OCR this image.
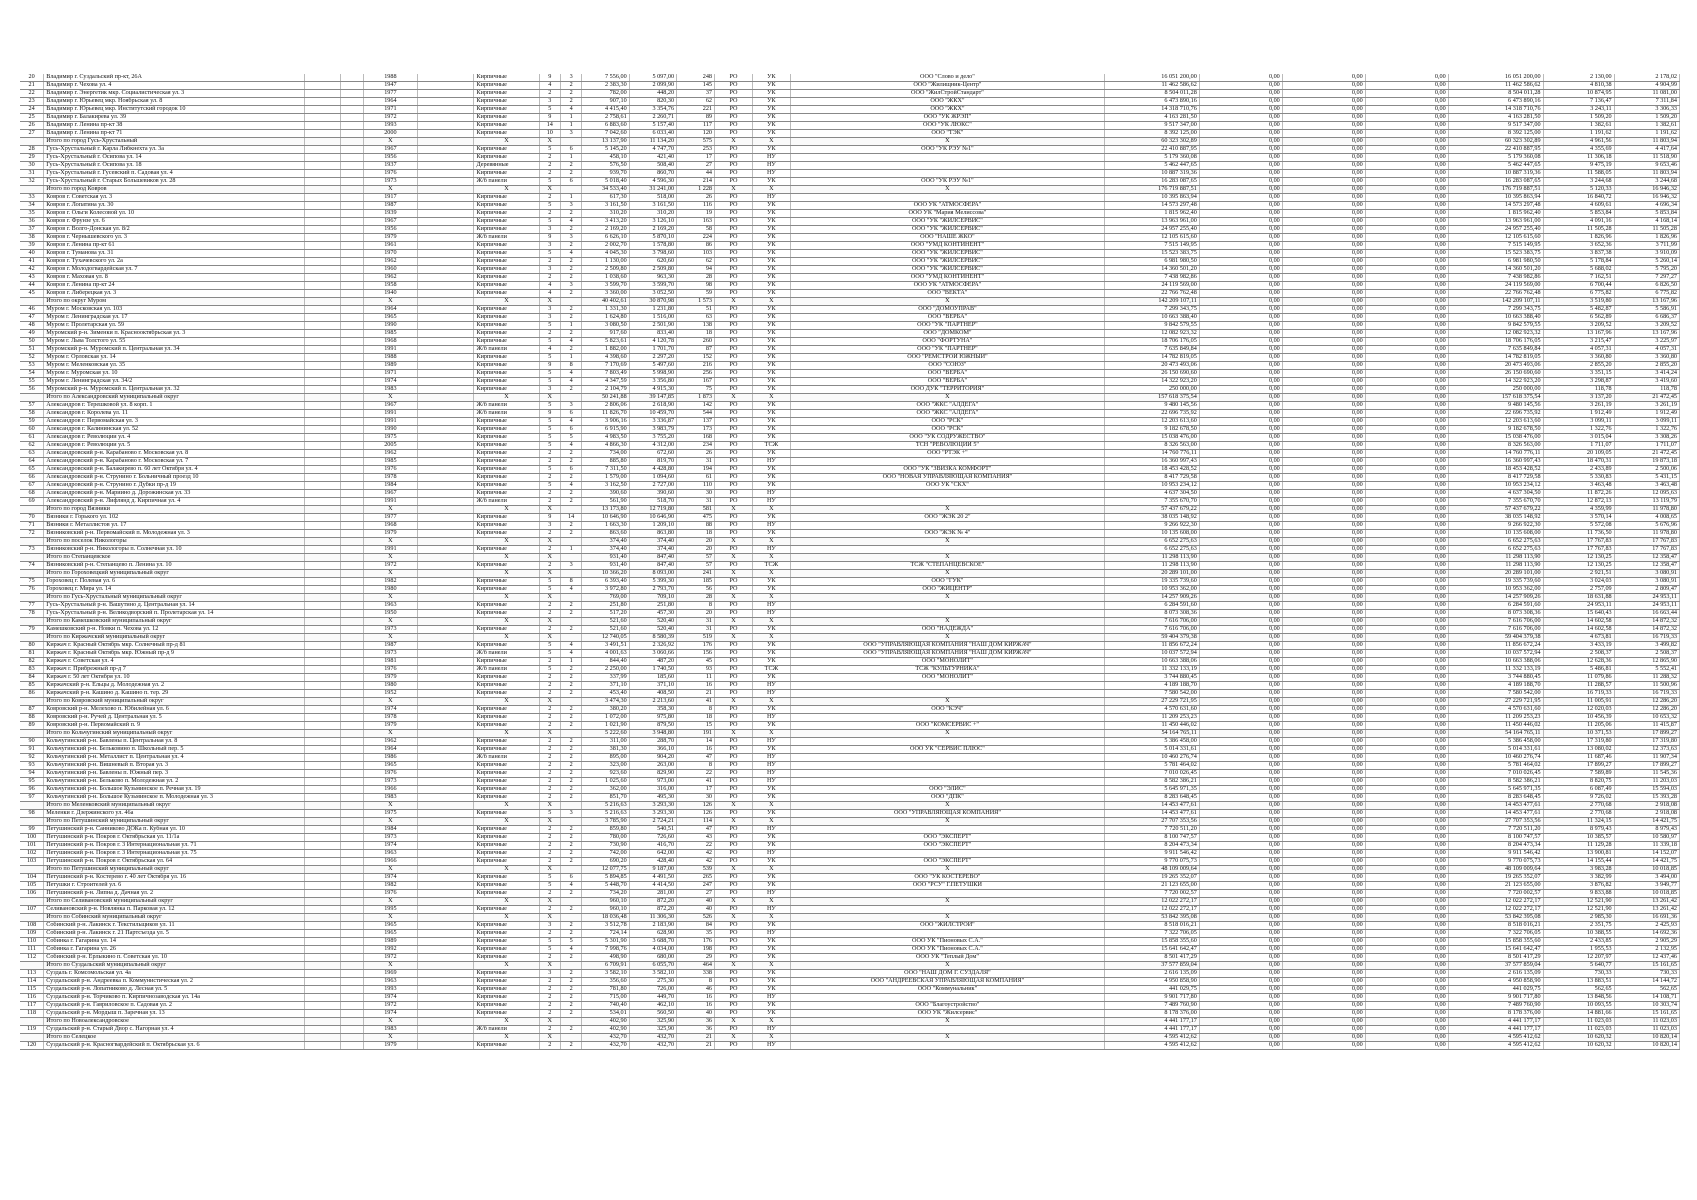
20	Владимир г. Суздальский пр-кт, 26А			1988		Кирпичные	9	3	7 556,00	5 097,00	248	РО	УК	ООО "Слово и дело"	16 051 200,00	0,00	0,00	0,00	16 051 200,00	2 130,00	2 178,02
21	Владимир г. Чехова ул. 4			1947		Кирпичные	4	2	2 383,30	2 099,90	145	РО	УК	ООО "Жилищник-Центр"	11 462 586,62	0,00	0,00	0,00	11 462 586,62	4 810,38	4 904,99
22	Владимир г. Энергетик мкр. Социалистическая ул. 3			1977		Кирпичные	2	2	782,00	448,20	37	РО	УК	ООО "ЖилСтройСтандарт"	8 504 011,28	0,00	0,00	0,00	8 504 011,28	10 874,95	11 081,00
23	Владимир г. Юрьевец мкр. Ноябрьская ул. 8			1964		Кирпичные	3	2	907,10	820,30	62	РО	УК	ООО "ЖКХ"	6 473 890,16	0,00	0,00	0,00	6 473 890,16	7 136,47	7 311,84
24	Владимир г. Юрьевец мкр. Институтский городок 10			1971		Кирпичные	5	4	4 415,40	3 354,76	221	РО	УК	ООО "ЖКХ"	14 318 710,76	0,00	0,00	0,00	14 318 710,76	3 243,11	3 306,33
25	Владимир г. Балакирева ул. 39			1972		Кирпичные	9	1	2 758,61	2 260,71	89	РО	УК	ООО "УК ЖРЭП"	4 163 281,50	0,00	0,00	0,00	4 163 281,50	1 509,20	1 509,20
26	Владимир г. Ленина пр-кт 38			1993		Кирпичные	14	1	6 883,60	5 157,40	117	РО	УК	ООО "УК ЛЮКС"	9 517 347,00	0,00	0,00	0,00	9 517 347,00	1 382,61	1 382,61
27	Владимир г. Ленина пр-кт 71			2000		Кирпичные	10	3	7 042,60	6 033,40	120	РО	УК	ООО "ТЭК"	8 392 125,00	0,00	0,00	0,00	8 392 125,00	1 191,62	1 191,62
	Итого по город Гусь-Хрустальный			X		X	X		13 137,90	11 134,20	575	X	X	X	60 323 302,89	0,00	0,00	0,00	60 323 302,89	4 961,56	11 803,94
28	Гусь-Хрустальный г. Карла Либкнехта ул. 3а			1967		Кирпичные	5	6	5 145,20	4 747,70	253	РО	УК	ООО "УК РЭУ №1"	22 410 887,95	0,00	0,00	0,00	22 410 887,95	4 355,69	4 417,64
29	Гусь-Хрустальный г. Осипова ул. 14			1956		Кирпичные	2	1	458,10	421,40	17	РО	НУ		5 179 360,08	0,00	0,00	0,00	5 179 360,08	11 306,18	11 518,90
30	Гусь-Хрустальный г. Осипова ул. 18			1937		Деревянные	2	2	576,50	508,40	27	РО	НУ		5 462 447,65	0,00	0,00	0,00	5 462 447,65	9 475,19	9 653,46
31	Гусь-Хрустальный г. Гусевский п. Садовая ул. 4			1976		Кирпичные	2	2	939,70	860,70	44	РО	НУ		10 887 319,36	0,00	0,00	0,00	10 887 319,36	11 588,05	11 803,94
32	Гусь-Хрустальный г. Старых Большевиков ул. 28			1973		Ж/б панели	5	6	5 018,40	4 596,30	214	РО	УК	ООО "УК РЭУ №1"	16 283 087,65	0,00	0,00	0,00	16 283 087,65	3 244,68	3 244,68
	Итого по город Ковров			X		X	X		34 533,40	31 241,00	1 228	X	X	X	176 719 887,51	0,00	0,00	0,00	176 719 887,51	5 120,33	16 946,32
33	Ковров г. Советская ул. 3			1917		Кирпичные	2	1	617,30	518,00	26	РО	НУ		10 395 863,94	0,00	0,00	0,00	10 395 863,94	16 840,72	16 946,32
34	Ковров г. Лопатина ул. 30			1987		Кирпичные	5	3	3 161,50	3 161,50	116	РО	УК	ООО УК "АТМОСФЕРА"	14 573 297,48	0,00	0,00	0,00	14 573 297,48	4 609,61	4 696,34
35	Ковров г. Ольги Колесовой ул. 10			1939		Кирпичные	2	2	310,20	310,20	19	РО	УК	ООО УК "Мария Мелиссова"	1 815 962,40	0,00	0,00	0,00	1 815 962,40	5 853,84	5 853,84
36	Ковров г. Фрунзе ул. 6			1967		Кирпичные	5	4	3 413,20	3 126,10	163	РО	УК	ООО "УК "ЖИЛСЕРВИС"	13 963 961,00	0,00	0,00	0,00	13 963 961,00	4 091,16	4 168,14
37	Ковров г. Волго-Донская ул. 8/2			1956		Кирпичные	3	2	2 169,20	2 169,20	58	РО	УК	ООО "УК "ЖИЛСЕРВИС"	24 957 255,40	0,00	0,00	0,00	24 957 255,40	11 505,28	11 505,28
38	Ковров г. Чернышевского ул. 3			1979		Ж/б панели	9	3	6 626,10	5 870,10	224	РО	УК	ООО "НАШЕ ЖКО"	12 105 615,60	0,00	0,00	0,00	12 105 615,60	1 826,96	1 826,96
39	Ковров г. Ленина пр-кт 61			1961		Кирпичные	3	2	2 002,70	1 578,80	86	РО	УК	ООО "УМД КОНТИНЕНТ"	7 515 149,95	0,00	0,00	0,00	7 515 149,95	3 652,36	3 711,99
40	Ковров г. Туманова ул. 31			1970		Кирпичные	5	4	4 045,30	3 798,60	103	РО	УК	ООО "УК "ЖИЛСЕРВИС"	15 523 383,75	0,00	0,00	0,00	15 523 383,75	3 837,38	3 910,09
41	Ковров г. Тухачевского ул. 2а			1962		Кирпичные	2	2	1 130,00	620,60	62	РО	УК	ООО "УК "ЖИЛСЕРВИС"	6 981 980,50	0,00	0,00	0,00	6 981 980,50	5 178,84	5 260,14
42	Ковров г. Молодогвардейская ул. 7			1960		Кирпичные	3	2	2 509,80	2 509,80	94	РО	УК	ООО "УК "ЖИЛСЕРВИС"	14 360 501,20	0,00	0,00	0,00	14 360 501,20	5 688,02	5 795,20
43	Ковров г. Маховая ул. 8			1962		Кирпичные	2	2	1 038,60	963,30	28	РО	УК	ООО "УМД КОНТИНЕНТ"	7 438 982,86	0,00	0,00	0,00	7 438 982,86	7 162,51	7 297,27
44	Ковров г. Ленина пр-кт 24			1958		Кирпичные	4	3	3 599,70	3 599,70	98	РО	УК	ООО УК "АТМОСФЕРА"	24 119 569,00	0,00	0,00	0,00	24 119 569,00	6 700,44	6 826,50
45	Ковров г. Либерецкая ул. 3			1940		Кирпичные	4	2	3 360,00	3 052,50	59	РО	УК	ООО "ВЕКТА"	22 766 762,48	0,00	0,00	0,00	22 766 762,48	6 775,82	6 775,82
	Итого по округ Муром			X		X	X		40 402,61	30 870,98	1 573	X	X	X	142 209 107,11	0,00	0,00	0,00	142 209 107,11	3 519,80	13 167,96
46	Муром г. Московская ул. 103			1964		Кирпичные	3	2	1 331,30	1 231,80	51	РО	УК	ООО "ДОМОУПРАВ"	7 299 343,75	0,00	0,00	0,00	7 299 343,75	5 482,87	5 586,91
47	Муром г. Ленинградская ул. 17			1965		Кирпичные	3	2	1 624,80	1 516,00	63	РО	УК	ООО "ВЕРБА"	10 663 388,40	0,00	0,00	0,00	10 663 388,40	6 562,89	6 686,37
48	Муром г. Пролетарская ул. 59			1990		Кирпичные	5	1	3 080,50	2 501,90	138	РО	УК	ООО "УК "ПАРТНЕР"	9 842 579,55	0,00	0,00	0,00	9 842 579,55	3 209,52	3 209,52
49	Муромский р-н. Зименки п. Краснооктябрьская ул. 3			1985		Кирпичные	2	2	917,60	833,40	18	РО	УК	ООО "ДОМКОМ"	12 082 923,32	0,00	0,00	0,00	12 082 923,32	13 167,96	13 167,96
50	Муром г. Льва Толстого ул. 55			1968		Кирпичные	5	4	5 823,61	4 120,78	260	РО	УК	ООО "ФОРТУНА"	18 706 176,05	0,00	0,00	0,00	18 706 176,05	3 215,47	3 225,97
51	Муромский р-н. Муромский п. Центральная ул. 34			1991		Ж/б панели	4	2	1 882,00	1 701,70	87	РО	УК	ООО "УК "ПАРТНЕР"	7 635 849,84	0,00	0,00	0,00	7 635 849,84	4 057,31	4 057,31
52	Муром г. Орловская ул. 14			1988		Кирпичные	5	1	4 398,60	2 297,20	152	РО	УК	ООО "РЕМСТРОЙ ЮЖНЫЙ"	14 782 819,05	0,00	0,00	0,00	14 782 819,05	3 360,80	3 360,80
53	Муром г. Меленковская ул. 35			1989		Кирпичные	9	8	7 170,69	5 497,60	216	РО	УК	ООО "СОЮЗ"	20 473 493,06	0,00	0,00	0,00	20 473 493,06	2 855,20	2 855,20
54	Муром г. Муромская ул. 10			1971		Кирпичные	5	4	7 803,49	5 998,90	256	РО	УК	ООО "ВЕРБА"	26 150 690,60	0,00	0,00	0,00	26 150 690,60	3 351,15	3 414,24
55	Муром г. Ленинградская ул. 34/2			1974		Кирпичные	5	4	4 347,59	3 356,80	167	РО	УК	ООО "ВЕРБА"	14 322 923,20	0,00	0,00	0,00	14 322 923,20	3 298,87	3 419,60
56	Муромский р-н. Муромский п. Центральная ул. 32			1983		Кирпичные	3	2	2 104,79	4 915,30	75	РО	УК	ООО ДУК "ТЕРРИТОРИЯ"	250 000,00	0,00	0,00	0,00	250 000,00	118,78	118,78
	Итого по Александровский муниципальный округ			X		X	X		50 241,88	39 147,85	1 873	X	X	X	157 618 375,54	0,00	0,00	0,00	157 618 375,54	3 137,20	21 472,45
57	Александров г. Терешковой ул. 8 корп. 1			1967		Ж/б панели	5	3	2 806,06	2 618,90	142	РО	УК	ООО "ЖКС "АЛДЕГА"	9 480 145,56	0,00	0,00	0,00	9 480 145,56	3 261,19	3 261,19
58	Александров г. Королева ул. 11			1991		Ж/б панели	9	6	11 826,70	10 459,70	544	РО	УК	ООО "ЖКС "АЛДЕГА"	22 696 735,92	0,00	0,00	0,00	22 696 735,92	1 912,49	1 912,49
59	Александров г. Первомайская ул. 3			1991		Кирпичные	5	4	3 906,16	3 336,87	137	РО	УК	ООО "РСК"	12 203 613,60	0,00	0,00	0,00	12 203 613,60	3 099,11	3 099,11
60	Александров г. Калининская ул. 52			1990		Кирпичные	5	6	6 915,90	3 983,79	173	РО	УК	ООО "РСК"	9 182 678,50	0,00	0,00	0,00	9 182 678,50	1 322,76	1 322,76
61	Александров г. Революции ул. 4			1975		Кирпичные	5	5	4 983,50	3 755,20	168	РО	УК	ООО "УК СОДРУЖЕСТВО"	15 038 476,00	0,00	0,00	0,00	15 038 476,00	3 015,04	3 308,26
62	Александров г. Революции ул. 5			2005		Кирпичные	5	4	4 866,30	4 312,00	234	РО	ТСЖ	ТСН "РЕВОЛЮЦИИ 5"	8 326 563,00	0,00	0,00	0,00	8 326 563,00	1 711,07	1 711,07
63	Александровский р-н. Карабаново г. Московская ул. 8			1962		Кирпичные	2	2	734,00	672,60	26	РО	УК	ООО "РТЭК +"	14 760 776,11	0,00	0,00	0,00	14 760 776,11	20 109,05	21 472,45
64	Александровский р-н. Карабаново г. Московская ул. 7			1985		Кирпичные	2	2	885,80	819,70	31	РО	НУ		16 360 997,43	0,00	0,00	0,00	16 360 997,43	18 470,31	19 873,18
65	Александровский р-н. Балакирево п. 60 лет Октября ул. 4			1976		Кирпичные	5	6	7 311,50	4 428,80	194	РО	УК	ООО "УК "ЗВИЗКА КОМФОРТ"	18 453 428,52	0,00	0,00	0,00	18 453 428,52	2 433,89	2 500,06
66	Александровский р-н. Струнино г. Больничный проезд 10			1978		Кирпичные	2	2	1 579,00	1 094,60	61	РО	УК	ООО "НОВАЯ УПРАВЛЯЮЩАЯ КОМПАНИЯ"	8 417 729,58	0,00	0,00	0,00	8 417 729,58	5 330,83	5 431,15
67	Александровский р-н. Струнино г. Дубки пр-д 19			1984		Кирпичные	5	4	3 162,50	2 727,00	110	РО	УК	ООО УК "СКХ"	10 953 234,12	0,00	0,00	0,00	10 953 234,12	3 463,48	3 463,48
68	Александровский р-н. Мариино д. Дорожинская ул. 33			1967		Кирпичные	2	2	390,60	390,60	30	РО	НУ		4 637 304,50	0,00	0,00	0,00	4 637 304,50	11 872,26	12 095,63
69	Александровский р-н. Лифлянд д. Кирпичная ул. 4			1991		Ж/б панели	2	2	561,90	518,70	31	РО	НУ		7 355 670,70	0,00	0,00	0,00	7 355 670,70	12 872,13	13 119,79
	Итого по город Вязники			X		X	X		13 173,80	12 719,80	581	X	X	X	57 437 679,22	0,00	0,00	0,00	57 437 679,22	4 359,99	11 978,80
70	Вязники г. Горького ул. 102			1977		Кирпичные	9	14	10 646,90	10 646,90	475	РО	УК	ООО "ЖЭК 20 2"	38 035 148,92	0,00	0,00	0,00	38 035 148,92	3 570,14	4 008,65
71	Вязники г. Металлистов ул. 17			1968		Кирпичные	3	2	1 663,30	1 209,10	88	РО	НУ		9 266 922,30	0,00	0,00	0,00	9 266 922,30	5 572,08	5 676,96
72	Вязниковский р-н. Первомайский п. Молодежная ул. 3			1979		Кирпичные	2	2	863,60	863,80	18	РО	УК	ООО "ЖЭК № 4"	10 135 608,00	0,00	0,00	0,00	10 135 608,00	11 736,50	11 978,80
	Итого по поселок Никологоры			X		X	X		374,40	374,40	20	X	X	X	6 652 275,63	0,00	0,00	0,00	6 652 275,63	17 767,83	17 767,83
73	Вязниковский р-н. Никологоры п. Солнечная ул. 10			1991		Кирпичные	2	1	374,40	374,40	20	РО	НУ		6 652 275,63	0,00	0,00	0,00	6 652 275,63	17 767,83	17 767,83
	Итого по Степанцевское			X		X	X		931,40	847,40	57	X	X	X	11 298 113,90	0,00	0,00	0,00	11 298 113,90	12 130,25	12 358,47
74	Вязниковский р-н. Степанцево п. Ленина ул. 10			1972		Кирпичные	2	3	931,40	847,40	57	РО	ТСЖ	ТСЖ "СТЕПАНЦЕВСКОЕ"	11 298 113,90	0,00	0,00	0,00	11 298 113,90	12 130,25	12 358,47
	Итого по Гороховецкий муниципальный округ			X		X	X		10 366,20	8 093,00	241	X	X	X	20 289 101,00	0,00	0,00	0,00	20 289 101,00	2 921,51	3 080,91
75	Гороховец г. Полевая ул. 6			1982		Кирпичные	5	8	6 393,40	5 399,30	185	РО	УК	ООО "ГУК"	19 335 739,60	0,00	0,00	0,00	19 335 739,60	3 024,03	3 080,91
76	Гороховец г. Мира ул. 14			1980		Кирпичные	5	4	3 972,80	2 793,70	56	РО	УК	ООО "ЖИЦЕНТР"	10 953 362,00	0,00	0,00	0,00	10 953 362,00	2 757,09	2 809,47
	Итого по Гусь-Хрустальный муниципальный округ			X		X	X		769,00	709,10	28	X	X	X	14 257 909,26	0,00	0,00	0,00	14 257 909,26	18 631,88	24 953,11
77	Гусь-Хрустальный р-н. Вашутино д. Центральная ул. 14			1963		Кирпичные	2	2	251,80	251,80	8	РО	НУ		6 284 591,60	0,00	0,00	0,00	6 284 591,60	24 953,11	24 953,11
78	Гусь-Хрустальный р-н. Великодворский п. Пролетарская ул. 14			1950		Кирпичные	2	2	517,20	457,30	20	РО	НУ		8 073 308,36	0,00	0,00	0,00	8 073 308,36	15 640,43	16 663,44
	Итого по Камешковский муниципальный округ			X		X	X		521,60	520,40	31	X	X	X	7 616 706,00	0,00	0,00	0,00	7 616 706,00	14 602,58	14 872,32
79	Камешковский р-н. Новки п. Чехова ул. 12			1973		Кирпичные	2	2	521,60	520,40	31	РО	УК	ООО "НАДЕЖДА"	7 616 706,00	0,00	0,00	0,00	7 616 706,00	14 602,58	14 872,32
	Итого по Киржачский муниципальный округ			X		X	X		12 740,05	8 580,39	519	X	X	X	59 404 379,38	0,00	0,00	0,00	59 404 379,38	4 673,81	16 719,33
80	Киржач г. Красный Октябрь мкр. Солнечный пр-д 81			1987		Кирпичные	5	4	3 491,51	2 326,92	176	РО	УК	ООО "УПРАВЛЯЮЩАЯ КОМПАНИЯ "НАШ ДОМ КИРЖАЧ"	11 856 672,24	0,00	0,00	0,00	11 856 672,24	3 433,19	3 499,82
81	Киржач г. Красный Октябрь мкр. Южный пр-д 9			1973		Ж/б панели	5	4	4 001,63	3 060,66	156	РО	УК	ООО "УПРАВЛЯЮЩАЯ КОМПАНИЯ "НАШ ДОМ КИРЖАЧ"	10 037 572,94	0,00	0,00	0,00	10 037 572,94	2 508,37	2 508,37
82	Киржач г. Советская ул. 4			1981		Кирпичные	2	1	844,40	487,20	45	РО	УК	ООО "МОНОЛИТ"	10 663 388,06	0,00	0,00	0,00	10 663 388,06	12 628,36	12 865,90
83	Киржач г. Прибрежный пр-д 7			1976		Ж/б панели	5	2	2 250,00	1 740,50	93	РО	ТСЖ	ТСЖ "КУЛЬТУРНИКА"	11 332 133,19	0,00	0,00	0,00	11 332 133,19	5 486,81	5 552,41
84	Киржач г. 50 лет Октября ул. 10			1979		Кирпичные	2	2	337,99	185,60	11	РО	УК	ООО "МОНОЛИТ"	3 744 880,45	0,00	0,00	0,00	3 744 880,45	11 079,86	11 288,32
85	Киржачский р-н. Ельцы д. Молодежная ул. 2			1980		Кирпичные	2	2	371,10	371,10	16	РО	НУ		4 189 188,70	0,00	0,00	0,00	4 189 188,70	11 288,57	11 500,96
86	Киржачский р-н. Кашино д. Кашино п. тер. 29			1952		Кирпичные	2	2	453,40	408,50	21	РО	НУ		7 580 542,00	0,00	0,00	0,00	7 580 542,00	16 719,33	16 719,33
	Итого по Ковровский муниципальный округ			X		X	X		3 474,30	2 213,60	41	X	X	X	27 229 721,95	0,00	0,00	0,00	27 229 721,95	11 005,91	12 286,20
87	Ковровский р-н. Мелехово п. Юбилейная ул. 6			1974		Кирпичные	2	2	380,20	358,30	8	РО	УК	ООО "КЭЧ"	4 570 631,60	0,00	0,00	0,00	4 570 631,60	12 020,03	12 286,20
88	Ковровский р-н. Ручей д. Центральная ул. 5			1978		Кирпичные	2	2	1 072,00	975,80	18	РО	НУ		11 209 253,23	0,00	0,00	0,00	11 209 253,23	10 456,39	10 653,32
89	Ковровский р-н. Первомайский п. 9			1979		Кирпичные	2	2	1 021,90	879,50	15	РО	УК	ООО "КОМСЕРВИС +"	11 450 446,02	0,00	0,00	0,00	11 450 446,02	11 205,06	11 415,87
	Итого по Кольчугинский муниципальный округ			X		X	X		5 222,60	3 948,80	191	X	X	X	54 164 765,11	0,00	0,00	0,00	54 164 765,11	10 371,53	17 899,27
90	Кольчугинский р-н. Бавлены п. Центральная ул. 8			1962		Кирпичные	2	2	311,00	288,70	14	РО	НУ		5 386 458,00	0,00	0,00	0,00	5 386 458,00	17 319,80	17 319,80
91	Кольчугинский р-н. Бельковино п. Школьный пер. 5			1964		Кирпичные	2	2	381,30	366,10	16	РО	УК	ООО УК "СЕРВИС ПЛЮС"	5 014 331,61	0,00	0,00	0,00	5 014 331,61	13 080,02	12 373,63
92	Кольчугинский р-н. Металлист п. Центральная ул. 4			1986		Ж/б панели	2	2	895,00	904,20	47	РО	НУ		10 460 276,74	0,00	0,00	0,00	10 460 276,74	11 687,46	11 907,34
93	Кольчугинский р-н. Вишневый п. Вторая ул. 3			1965		Кирпичные	2	2	323,00	263,00	8	РО	НУ		5 781 464,02	0,00	0,00	0,00	5 781 464,02	17 899,27	17 899,27
94	Кольчугинский р-н. Бавлены п. Южный пер. 3			1976		Кирпичные	2	2	923,60	829,90	22	РО	НУ		7 010 026,45	0,00	0,00	0,00	7 010 026,45	7 589,89	11 545,36
95	Кольчугинский р-н. Бельково п. Молодежная ул. 2			1973		Кирпичные	2	2	1 025,60	973,00	41	РО	НУ		8 582 386,21	0,00	0,00	0,00	8 582 386,21	8 820,75	11 203,03
96	Кольчугинский р-н. Большое Кузьминское п. Речная ул. 19			1966		Кирпичные	2	2	362,00	316,00	17	РО	УК	ООО "ЭЛИС"	5 645 971,35	0,00	0,00	0,00	5 645 971,35	6 087,49	15 594,03
97	Кольчугинский р-н. Большое Кузьминское п. Молодежная ул. 3			1983		Кирпичные	2	2	851,70	495,30	30	РО	УК	ООО "ДПК"	8 283 648,45	0,00	0,00	0,00	8 283 648,45	9 726,02	15 393,28
	Итого по Меленковский муниципальный округ			X		X	X		5 216,63	3 293,30	126	X	X	X	14 453 477,61	0,00	0,00	0,00	14 453 477,61	2 770,68	2 918,08
98	Меленки г. Дзержинского ул. 46а			1975		Кирпичные	5	3	5 216,63	3 293,30	126	РО	УК	ООО "УПРАВЛЯЮЩАЯ КОМПАНИЯ"	14 453 477,61	0,00	0,00	0,00	14 453 477,61	2 770,68	2 918,08
	Итого по Петушинский муниципальный округ			X		X	X		3 785,90	2 724,21	114	X	X	X	27 707 353,56	0,00	0,00	0,00	27 707 353,56	11 324,15	14 421,75
99	Петушинский р-н. Санниково ДОКа п. Кубная ул. 10			1984		Кирпичные	2	2	859,80	540,51	47	РО	НУ		7 720 511,20	0,00	0,00	0,00	7 720 511,20	8 979,43	8 979,43
100	Петушинский р-н. Покров г. Октябрьская ул. 11/1а			1973		Кирпичные	2	2	780,00	726,60	43	РО	УК	ООО "ЭКСПЕРТ"	8 100 747,57	0,00	0,00	0,00	8 100 747,57	10 385,57	10 580,97
101	Петушинский р-н. Покров г. 3 Интернациональная ул. 71			1974		Кирпичные	2	2	730,90	416,70	22	РО	УК	ООО "ЭКСПЕРТ"	8 204 473,34	0,00	0,00	0,00	8 204 473,34	11 129,28	11 339,18
102	Петушинский р-н. Покров г. 3 Интернациональная ул. 75			1963		Кирпичные	2	2	742,00	642,00	42	РО	НУ		9 911 546,42	0,00	0,00	0,00	9 911 546,42	13 900,81	14 152,07
103	Петушинский р-н. Покров г. Октябрьская ул. 64			1966		Кирпичные	2	2	690,20	428,40	42	РО	УК	ООО "ЭКСПЕРТ"	9 770 075,73	0,00	0,00	0,00	9 770 075,73	14 155,44	14 421,75
	Итого по Петушинский муниципальный округ			X		X	X		12 077,75	9 187,00	539	X	X	X	48 109 009,64	0,00	0,00	0,00	48 109 009,64	3 983,28	10 018,85
104	Петушинский р-н. Костерево г. 40 лет Октября ул. 16			1974		Кирпичные	5	6	5 894,85	4 491,50	265	РО	УК	ООО "УК КОСТЕРЕВО"	19 265 352,07	0,00	0,00	0,00	19 265 352,07	3 382,99	3 494,00
105	Петушки г. Строителей ул. 6			1982		Кирпичные	5	4	5 448,70	4 414,50	247	РО	УК	ООО "РСУ" Г.ПЕТУШКИ	21 123 655,00	0,00	0,00	0,00	21 123 655,00	3 876,82	3 949,77
106	Петушинский р-н. Липна д. Дачная ул. 2			1976		Кирпичные	2	2	734,20	281,00	27	РО	НУ		7 720 002,57	0,00	0,00	0,00	7 720 002,57	9 833,88	10 018,85
	Итого по Селивановский муниципальный округ			X		X	X		960,10	872,20	40	X	X	X	12 022 272,17	0,00	0,00	0,00	12 022 272,17	12 521,90	13 261,42
107	Селивановский р-н. Новлянка п. Парковая ул. 12			1995		Кирпичные	2	2	960,10	872,20	40	РО	НУ		12 022 272,17	0,00	0,00	0,00	12 022 272,17	12 521,90	13 261,42
	Итого по Собинский муниципальный округ			X		X	X		18 036,48	11 306,30	526	X	X	X	53 842 395,08	0,00	0,00	0,00	53 842 395,08	2 985,30	16 691,36
108	Собинский р-н. Лакинск г. Текстильщиков ул. 11			1965		Кирпичные	3	2	3 512,78	2 183,90	84	РО	УК	ООО "ЖИЛСТРОЙ"	8 518 016,21	0,00	0,00	0,00	8 518 016,21	2 351,75	2 425,93
109	Собинский р-н. Лакинск г. 21 Партсъезда ул. 5			1965		Кирпичные	2	2	724,14	628,90	35	РО	НУ		7 322 706,05	0,00	0,00	0,00	7 322 706,05	10 388,55	14 692,36
110	Собинка г. Гагарина ул. 14			1989		Кирпичные	5	5	5 301,90	3 688,70	176	РО	УК	ООО УК "Пионовых С.А."	15 858 355,60	0,00	0,00	0,00	15 858 355,60	2 433,85	2 905,29
111	Собинка г. Гагарина ул. 26			1992		Кирпичные	5	4	7 998,76	4 034,00	198	РО	УК	ООО УК "Пионовых С.А."	15 641 642,47	0,00	0,00	0,00	15 641 642,47	1 955,53	2 132,95
112	Собинский р-н. Ерлыкино п. Советская ул. 10			1972		Кирпичные	2	2	498,90	680,00	29	РО	УК	ООО УК "Теплый Дом"	8 501 417,29	0,00	0,00	0,00	8 501 417,29	12 207,97	12 437,46
	Итого по Суздальский муниципальный округ			X		X	X		6 709,91	6 055,70	464	X	X	X	37 577 859,04	0,00	0,00	0,00	37 577 859,04	5 640,77	15 161,65
113	Суздаль г. Комсомольская ул. 4а			1969		Кирпичные	3	2	3 582,10	3 582,10	338	РО	УК	ООО "НАШ ДОМ Г. СУЗДАЛЯ"	2 616 135,09	0,00	0,00	0,00	2 616 135,09	730,33	730,33
114	Суздальский р-н. Андреевка п. Коммунистическая ул. 2			1963		Кирпичные	2	2	356,60	275,30	8	РО	УК	ООО "АНДРЕЕВСКАЯ УПРАВЛЯЮЩАЯ КОМПАНИЯ"	4 950 858,90	0,00	0,00	0,00	4 950 858,90	13 883,51	14 144,72
115	Суздальский р-н. Лопатниково д. Лесная ул. 5			1993		Кирпичные	2	2	781,80	726,00	46	РО	УК	ООО "Коммунальник"	441 029,75	0,00	0,00	0,00	441 029,75	562,65	562,65
116	Суздальский р-н. Торчиково п. Кирпичнозаводская ул. 14а			1974		Кирпичные	2	2	715,00	449,70	16	РО	НУ		9 901 717,80	0,00	0,00	0,00	9 901 717,80	13 848,56	14 108,71
117	Суздальский р-н. Гавриловское п. Садовая ул. 2			1972		Кирпичные	2	2	740,40	462,10	16	РО	УК	ООО "Благоустройство"	7 489 760,90	0,00	0,00	0,00	7 489 760,90	10 093,55	10 303,74
118	Суздальский р-н. Мордыш п. Заречная ул. 13			1974		Кирпичные	2	2	534,01	560,50	40	РО	УК	ООО УК "Жилсервис"	8 178 376,00	0,00	0,00	0,00	8 178 376,00	14 881,66	15 161,65
	Итого по Новоалександровское			X		X	X		402,90	325,90	36	X	X	X	4 441 177,17	0,00	0,00	0,00	4 441 177,17	11 023,03	11 023,03
119	Суздальский р-н. Старый Двор с. Нагорная ул. 4			1983		Ж/б панели	2	2	402,90	325,90	36	РО	НУ		4 441 177,17	0,00	0,00	0,00	4 441 177,17	11 023,03	11 023,03
	Итого по Селецкое			X		X	X		432,70	432,70	21	X	X	X	4 595 412,62	0,00	0,00	0,00	4 595 412,62	10 620,32	10 820,14
120	Суздальский р-н. Красногвардейский п. Октябрьская ул. 6			1979		Кирпичные	2	2	432,70	432,70	21	РО	НУ		4 595 412,62	0,00	0,00	0,00	4 595 412,62	10 620,32	10 820,14
